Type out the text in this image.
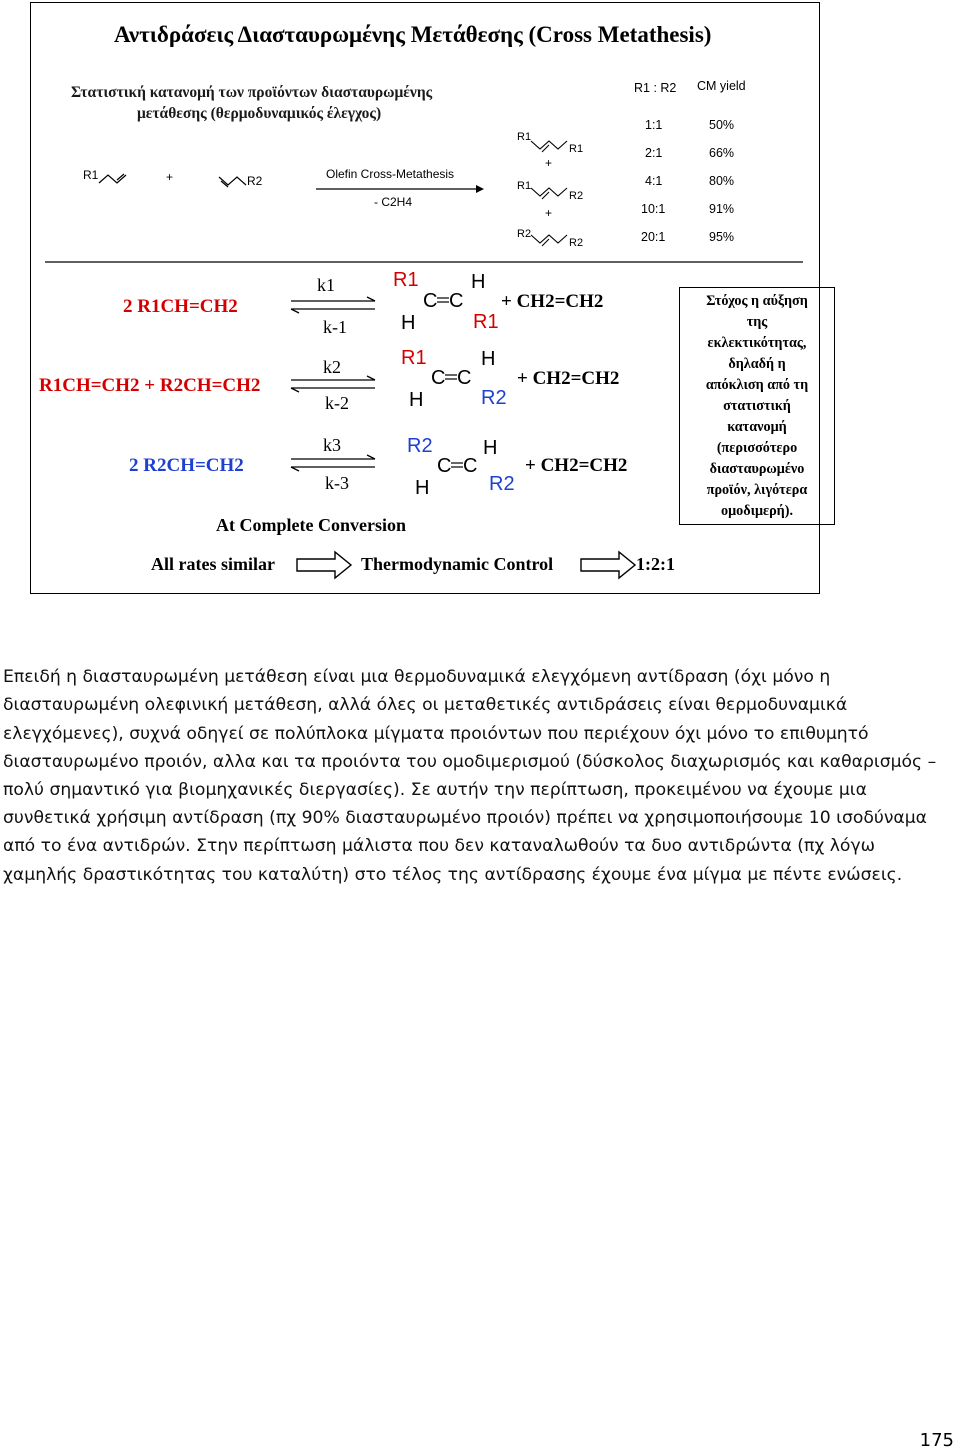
Αντιδράσεις Διασταυρωμένης Μετάθεσης (Cross Metathesis)
Στατιστική κατανομή των προϊόντων διασταυρωμένης
μετάθεσης (θερμοδυναμικός έλεγχος)
R1	+	R2	Olefin Cross-Metathesis
- C2H4
R1
R1
+
R1
R2
+
R2
R2
R1 : R2 CM yield
1:1	50%
2:1	66%
4:1	80%
10:1	91%
20:1	95%
2 R1CH=CH2
R1CH=CH2 + R2CH=CH2
2 R2CH=CH2
k1
k-1
k2
k-2
k3
k-3
R1	H
C C
H	R1
+ CH2=CH2
R1	H
C C
H	R2
+ CH2=CH2
R2	H
C C
H	R2
+ CH2=CH2
Στόχος η αύξηση
της
εκλεκτικότητας,
δηλαδή η
απόκλιση από τη
στατιστική
κατανομή
(περισσότερο
διασταυρωμένο
προϊόν, λιγότερα
ομοδιμερή).
At Complete Conversion
All rates similar	Thermodynamic Control	1:2:1

Επειδή η διασταυρωμένη μετάθεση είναι μια θερμοδυναμικά ελεγχόμενη αντίδραση (όχι μόνο η διασταυρωμένη ολεφινική μετάθεση, αλλά όλες οι μεταθετικές αντιδράσεις είναι θερμοδυναμικά ελεγχόμενες), συχνά οδηγεί σε πολύπλοκα μίγματα προιόντων που περιέχουν όχι μόνο το επιθυμητό διασταυρωμένο προιόν, αλλα και τα προιόντα του ομοδιμερισμού (δύσκολος διαχωρισμός και καθαρισμός – πολύ σημαντικό για βιομηχανικές διεργασίες). Σε αυτήν την περίπτωση, προκειμένου να έχουμε μια συνθετικά χρήσιμη αντίδραση (πχ 90% διασταυρωμένο προιόν) πρέπει να χρησιμοποιήσουμε 10 ισοδύναμα από το ένα αντιδρών. Στην περίπτωση μάλιστα που δεν καταναλωθούν τα δυο αντιδρώντα (πχ λόγω χαμηλής δραστικότητας του καταλύτη) στο τέλος της αντίδρασης έχουμε ένα μίγμα με πέντε ενώσεις.

175
